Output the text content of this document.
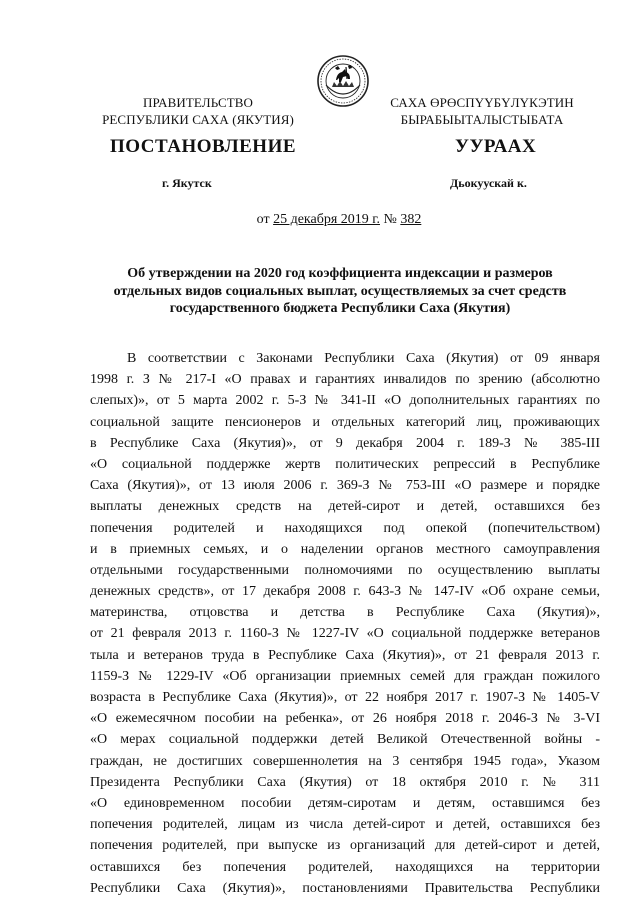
ПРАВИТЕЛЬСТВО
РЕСПУБЛИКИ САХА (ЯКУТИЯ)
САХА ӨРӨСПҮҮБҮЛҮКЭТИН
БЫРАБЫЫТАЛЫСТЫБАТА
ПОСТАНОВЛЕНИЕ	УУРААХ
г. Якутск	Дьокуускай к.
от 25 декабря 2019 г. № 382
Об утверждении на 2020 год коэффициента индексации и размеров
отдельных видов социальных выплат, осуществляемых за счет средств
государственного бюджета Республики Саха (Якутия)
В соответствии с Законами Республики Саха (Якутия) от 09 января
1998 г. З № 217-I «О правах и гарантиях инвалидов по зрению (абсолютно
слепых)», от 5 марта 2002 г. 5-З № 341-II «О дополнительных гарантиях по
социальной защите пенсионеров и отдельных категорий лиц, проживающих
в Республике Саха (Якутия)», от 9 декабря 2004 г. 189-З № 385-III
«О социальной поддержке жертв политических репрессий в Республике
Саха (Якутия)», от 13 июля 2006 г. 369-З № 753-III «О размере и порядке
выплаты денежных средств на детей-сирот и детей, оставшихся без
попечения родителей и находящихся под опекой (попечительством)
и в приемных семьях, и о наделении органов местного самоуправления
отдельными государственными полномочиями по осуществлению выплаты
денежных средств», от 17 декабря 2008 г. 643-З № 147-IV «Об охране семьи,
материнства, отцовства и детства в Республике Саха (Якутия)»,
от 21 февраля 2013 г. 1160-З № 1227-IV «О социальной поддержке ветеранов
тыла и ветеранов труда в Республике Саха (Якутия)», от 21 февраля 2013 г.
1159-З № 1229-IV «Об организации приемных семей для граждан пожилого
возраста в Республике Саха (Якутия)», от 22 ноября 2017 г. 1907-З № 1405-V
«О ежемесячном пособии на ребенка», от 26 ноября 2018 г. 2046-З № 3-VI
«О мерах социальной поддержки детей Великой Отечественной войны -
граждан, не достигших совершеннолетия на 3 сентября 1945 года», Указом
Президента Республики Саха (Якутия) от 18 октября 2010 г. № 311
«О единовременном пособии детям-сиротам и детям, оставшимся без
попечения родителей, лицам из числа детей-сирот и детей, оставшихся без
попечения родителей, при выпуске из организаций для детей-сирот и детей,
оставшихся без попечения родителей, находящихся на территории
Республики Саха (Якутия)», постановлениями Правительства Республики
